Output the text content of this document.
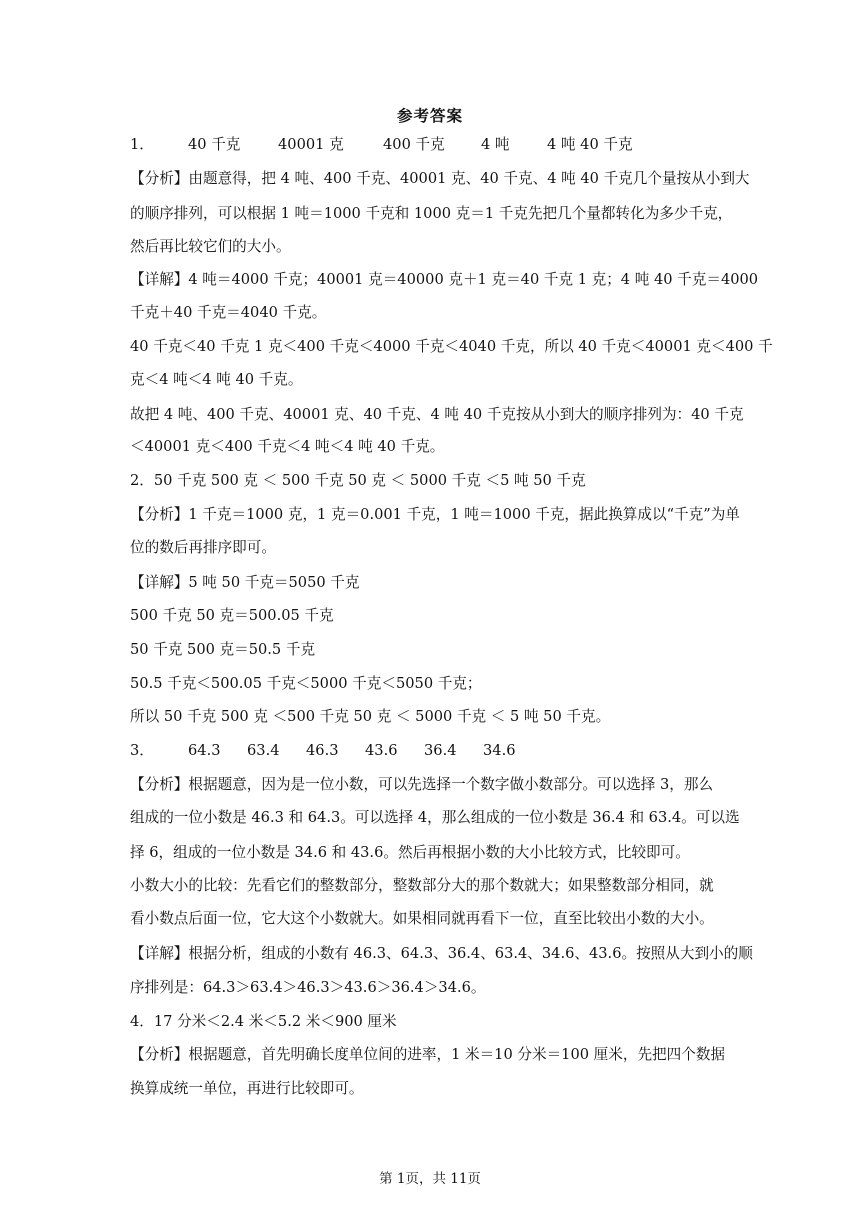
参考答案
1． 40 千克	40001 克	400 千克 4 吨	4 吨 40 千克
【分析】由题意得，把 4 吨、400 千克、40001 克、40 千克、4 吨 40 千克几个量按从小到大
的顺序排列，可以根据 1 吨＝1000 千克和 1000 克＝1 千克先把几个量都转化为多少千克，
然后再比较它们的大小。
【详解】4 吨＝4000 千克；40001 克＝40000 克＋1 克＝40 千克 1 克；4 吨 40 千克＝4000
千克＋40 千克＝4040 千克。
40 千克＜40 千克 1 克＜400 千克＜4000 千克＜4040 千克，所以 40 千克＜40001 克＜400 千
克＜4 吨＜4 吨 40 千克。
故把 4 吨、400 千克、40001 克、40 千克、4 吨 40 千克按从小到大的顺序排列为：40 千克
＜40001 克＜400 千克＜4 吨＜4 吨 40 千克。
2．50 千克 500 克 ＜ 500 千克 50 克 ＜ 5000 千克 ＜5 吨 50 千克
【分析】1 千克＝1000 克，1 克＝0.001 千克，1 吨＝1000 千克，据此换算成以“千克”为单
位的数后再排序即可。
【详解】5 吨 50 千克＝5050 千克
500 千克 50 克＝500.05 千克
50 千克 500 克＝50.5 千克
50.5 千克＜500.05 千克＜5000 千克＜5050 千克；
所以 50 千克 500 克 ＜500 千克 50 克 ＜ 5000 千克 ＜ 5 吨 50 千克。
3． 64.3 63.4 46.3 43.6 36.4 34.6
【分析】根据题意，因为是一位小数，可以先选择一个数字做小数部分。可以选择 3，那么
组成的一位小数是 46.3 和 64.3。可以选择 4，那么组成的一位小数是 36.4 和 63.4。可以选
择 6，组成的一位小数是 34.6 和 43.6。然后再根据小数的大小比较方式，比较即可。
小数大小的比较：先看它们的整数部分，整数部分大的那个数就大；如果整数部分相同，就
看小数点后面一位，它大这个小数就大。如果相同就再看下一位，直至比较出小数的大小。
【详解】根据分析，组成的小数有 46.3、64.3、36.4、63.4、34.6、43.6。按照从大到小的顺
序排列是：64.3＞63.4＞46.3＞43.6＞36.4＞34.6。
4．17 分米＜2.4 米＜5.2 米＜900 厘米
【分析】根据题意，首先明确长度单位间的进率，1 米＝10 分米＝100 厘米，先把四个数据
换算成统一单位，再进行比较即可。
第 1页，共 11页
